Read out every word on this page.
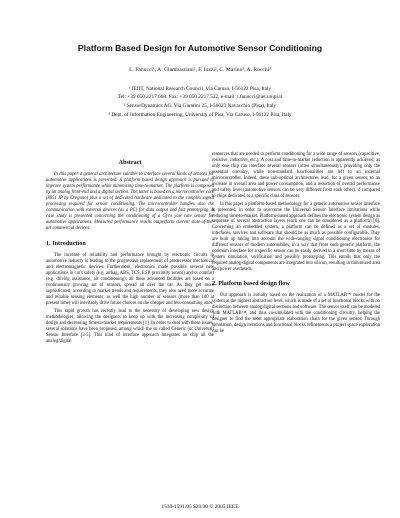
Platform Based Design for Automotive Sensor Conditioning
L. Fanucci¹, A. Giambastiani², F. Iozzi², C. Marino³, A. Rocchi²
¹ IEIIT, National Research Council, Via Caruso, I-56122 Pisa, Italy
Tel: +39 050 2217.668. Fax: +39 050 2217.522, e-mail: l.fanucci@iet.unipi.it
² SensorDynamics AG, Via Giuntini 25, I-56023 Navacchio (Pisa), Italy
³ Dept. of Information Engineering, University of Pisa, Via Caruso, I-56122 Pisa, Italy
Abstract

In this paper a general architecture suitable to interface several kinds of sensors for automotive applications is presented. A platform based design approach is pursued to improve system performance while minimizing time-to-market. The platform is composed by an analog front-end and a digital section. The latter is based on a microcontroller core (8051 IP by Oregano) plus a set of dedicated hardware dedicated to the complex signal processing required for sensor conditioning. The microcontroller handles also the communication with external devices (as a PC) for data output and fast prototyping. A case study is presented concerning the conditioning of a Gyro yaw rate sensor for automotive applications. Measured performance results outperform current state-of-the-art commercial devices.

1. Introduction

The increase of reliability and performance brought by electronic circuits in automotive industry is leading to the progressive replacement of predecessor mechanical and electromagnetic devices. Furthermore, electronics made possible several new applications in car's safety (e.g. airbag, ABS, TCS, ESP, proximity sensor) and/or comfort (e.g. driving assistance, air conditioning): all these advanced facilities are based on a continuously growing set of sensors, spread all over the car. As they get more sophisticated, according to market trends and requirements, they also need more accurate and reliable sensing elements; as well the high number of sensors (more than 100 at present time) will inevitably drive future choices on the cheaper and less-consuming ones.

This rapid growth has recently lead to the necessity of developing new design methodologies, allowing the designers to keep up with the increasing complexity of design and decreasing time-to-market requirements [1]. In order to deal with these issues, several solutions have been proposed, among which the so called Generic (or Universal) Sensor Interface [2-5]. This kind of interface approach integrates on chip all the analog/digital

resources that are needed to perform conditioning for a wide range of sensors (capacitive, resistive, inductive, etc.). A cost and time-to-market reduction is apparently achieved, as only one chip can interface several sensors (often simultaneously), providing only the essential circuitry, while non-standard functionalities are left to an external microcontroller. Indeed, these sub-optimal architectures lead, for a given sensor, to an increase in overall area and power consumption, and a reduction of overall performance and safety level (automotive sensors can be very different from each other), if compared to chips dedicated to a specific class of sensors.

In this paper a platform-based methodology for a generic automotive sensor interface is presented, in order to overcome the Universal Sensor Interface limitations while reducing time-to-market. Platform-based approach defines the electronic system design as sequence of several abstraction layers (each one can be considered as a platform) [6]. Concerning an embedded system, a platform can be defined as a set of modules, interfaces, services and software that should be as much as possible configurable. They are built up taking into account the wide-ranging signal conditioning electronics for different sensors of modern automobiles, in a way that from such generic platform, the optimum interface for a specific sensor can be easily derived in a short time by means of system simulation, verification and possibly prototyping. This entails that only the required analog/digital components are integrated into silicon, resulting in minimized area and power overheads.

2. Platform based design flow

Our approach is initially based on the realization of a MATLAB™ model for the system at the highest abstraction level, which is made of a set of functional blocks with no distinction between analog/digital sections and software. The sensor itself can be modeled with MATLAB™, and thus co-simulated with the conditioning circuitry, helping the designer to find the most appropriate elaboration chain for the given sensor. Through simulation, design iterations and functional blocks refinements a project space exploration can be

1530-1591/05 $20.00 © 2005 IEEE
